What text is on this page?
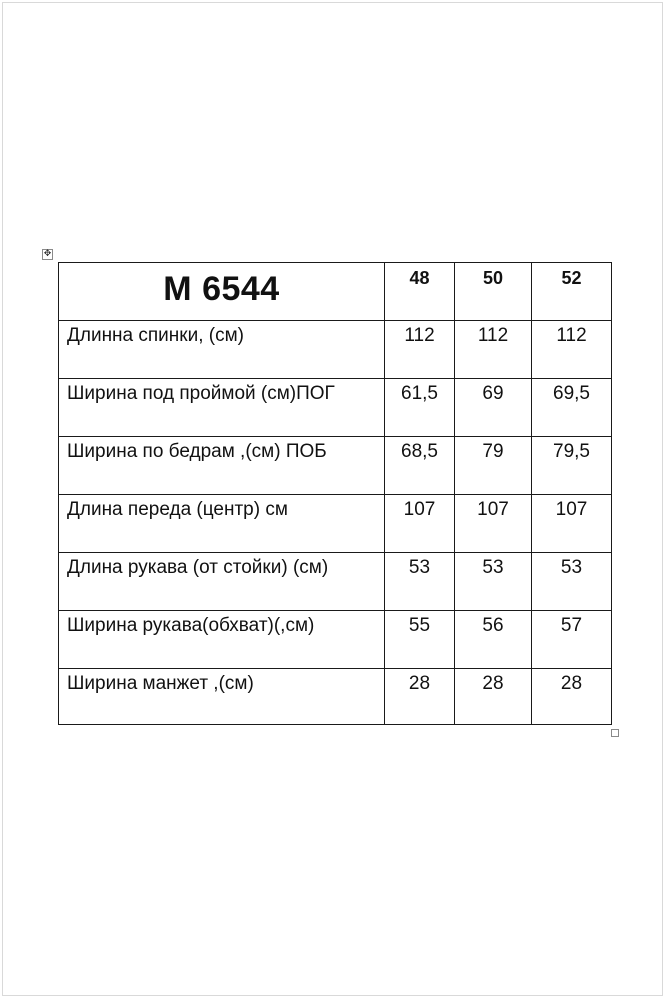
✥
M 6544	48	50	52

Длинна спинки, (см)	112	112	112

Ширина под проймой (см)ПОГ	61,5	69	69,5

Ширина по бедрам ,(см) ПОБ	68,5	79	79,5

Длина переда (центр) см	107	107	107

Длина рукава (от стойки) (см)	53	53	53

Ширина рукава(обхват)(,см)	55	56	57

Ширина манжет ,(см)	28	28	28
